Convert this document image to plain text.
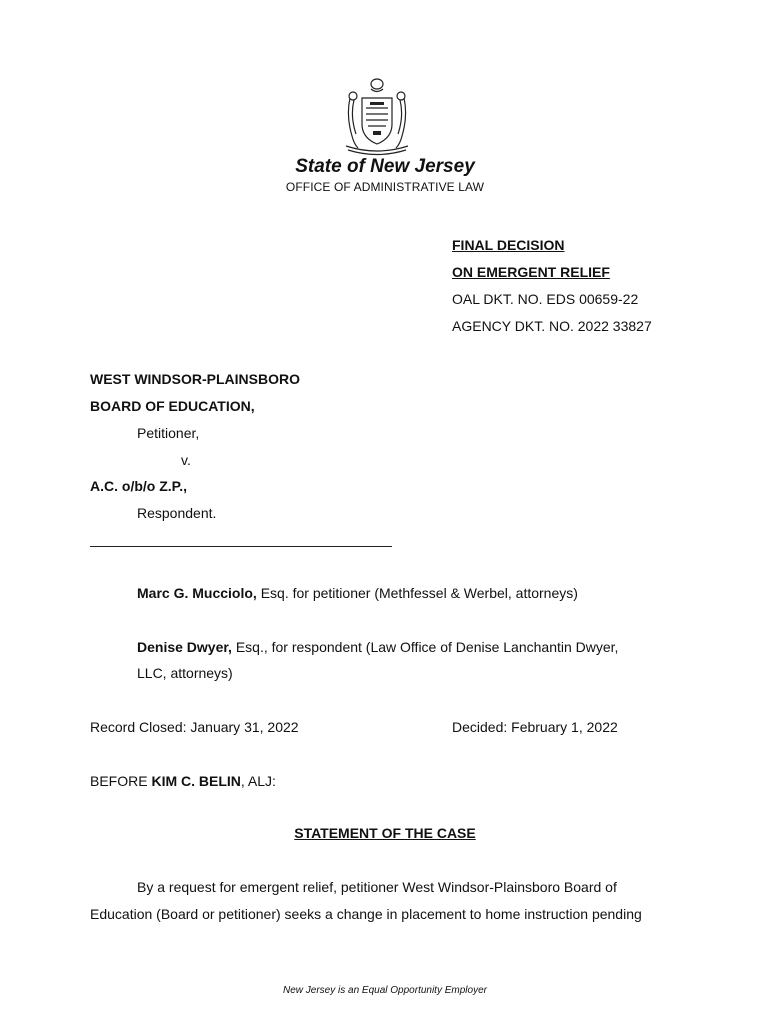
State of New Jersey
OFFICE OF ADMINISTRATIVE LAW
FINAL DECISION
ON EMERGENT RELIEF
OAL DKT. NO. EDS 00659-22
AGENCY DKT. NO. 2022 33827
WEST WINDSOR-PLAINSBORO
BOARD OF EDUCATION,
Petitioner,
v.
A.C. o/b/o Z.P.,
Respondent.
Marc G. Mucciolo, Esq. for petitioner (Methfessel & Werbel, attorneys)
Denise Dwyer, Esq., for respondent (Law Office of Denise Lanchantin Dwyer,
LLC, attorneys)
Record Closed: January 31, 2022	Decided: February 1, 2022
BEFORE KIM C. BELIN, ALJ:
STATEMENT OF THE CASE
By a request for emergent relief, petitioner West Windsor-Plainsboro Board of
Education (Board or petitioner) seeks a change in placement to home instruction pending
New Jersey is an Equal Opportunity Employer
